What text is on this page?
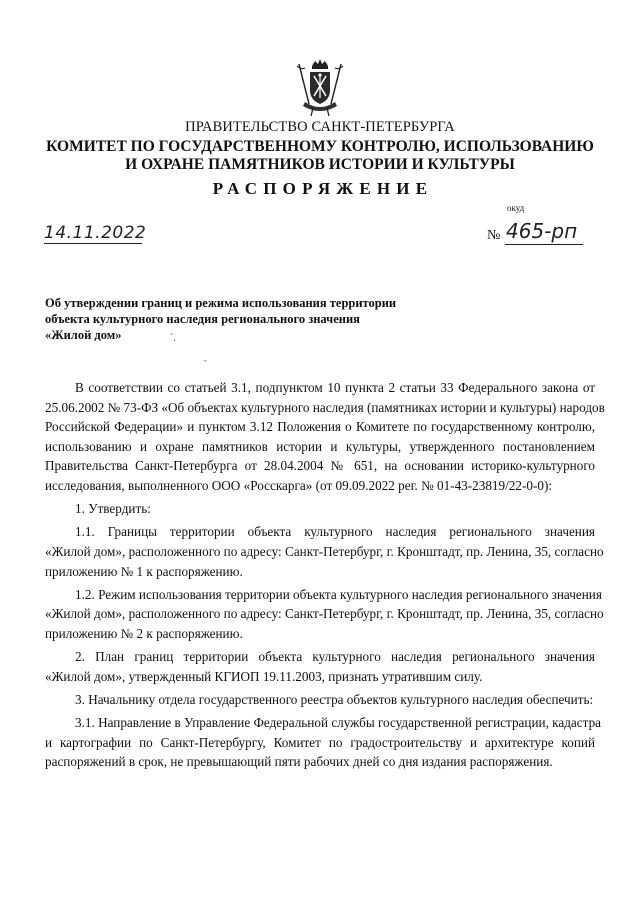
ПРАВИТЕЛЬСТВО САНКТ-ПЕТЕРБУРГА
КОМИТЕТ ПО ГОСУДАРСТВЕННОМУ КОНТРОЛЮ, ИСПОЛЬЗОВАНИЮ
И ОХРАНЕ ПАМЯТНИКОВ ИСТОРИИ И КУЛЬТУРЫ
РАСПОРЯЖЕНИЕ
окуд
14.11.2022	№ 465-рп
Об утверждении границ и режима использования территории
объекта культурного наследия регионального значения
«Жилой дом»	`.
.,
В соответствии со статьей 3.1, подпунктом 10 пункта 2 статьи 33 Федерального закона от
25.06.2002 № 73-ФЗ «Об объектах культурного наследия (памятниках истории и культуры) народов
Российской Федерации» и пунктом 3.12 Положения о Комитете по государственному контролю,
использованию и охране памятников истории и культуры, утвержденного постановлением
Правительства Санкт-Петербурга от 28.04.2004 № 651, на основании историко-культурного
исследования, выполненного ООО «Росскарга» (от 09.09.2022 рег. № 01-43-23819/22-0-0):
1. Утвердить:
1.1. Границы территории объекта культурного наследия регионального значения
«Жилой дом», расположенного по адресу: Санкт-Петербург, г. Кронштадт, пр. Ленина, 35, согласно
приложению № 1 к распоряжению.
1.2. Режим использования территории объекта культурного наследия регионального значения
«Жилой дом», расположенного по адресу: Санкт-Петербург, г. Кронштадт, пр. Ленина, 35, согласно
приложению № 2 к распоряжению.
2. План границ территории объекта культурного наследия регионального значения
«Жилой дом», утвержденный КГИОП 19.11.2003, признать утратившим силу.
3. Начальнику отдела государственного реестра объектов культурного наследия обеспечить:
3.1. Направление в Управление Федеральной службы государственной регистрации, кадастра
и картографии по Санкт-Петербургу, Комитет по градостроительству и архитектуре копий
распоряжений в срок, не превышающий пяти рабочих дней со дня издания распоряжения.
